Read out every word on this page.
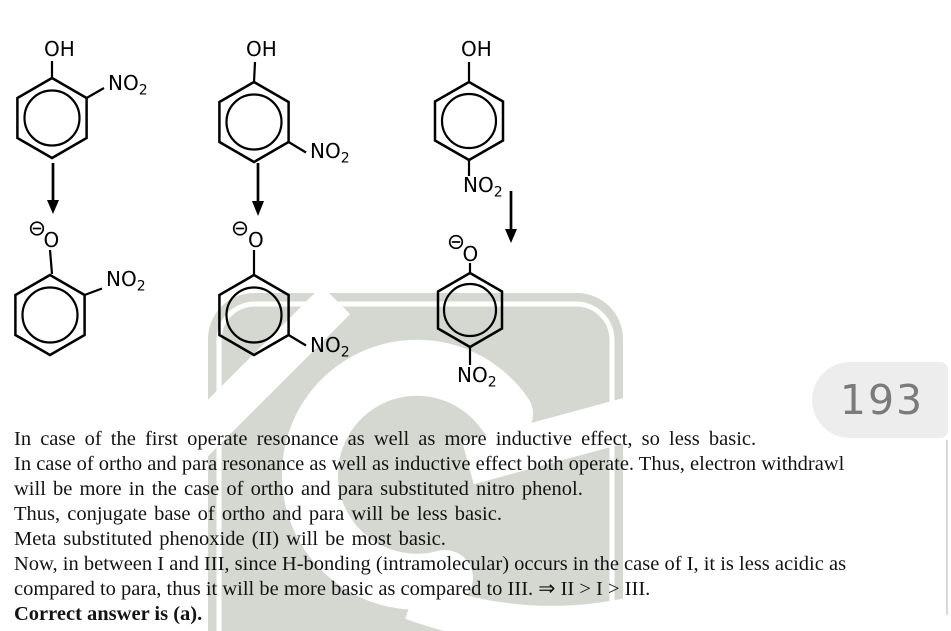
193
OH
$NO_2$
O
$NO_2$
OH
$NO_2$
O
$NO_2$
OH
$NO_2$
O
$NO_2$
In case of the first operate resonance as well as more inductive effect, so less basic.
In case of ortho and para resonance as well as inductive effect both operate. Thus, electron withdrawl
will be more in the case of ortho and para substituted nitro phenol.
Thus, conjugate base of ortho and para will be less basic.
Meta substituted phenoxide (II) will be most basic.
Now, in between I and III, since H-bonding (intramolecular) occurs in the case of I, it is less acidic as
compared to para, thus it will be more basic as compared to III. ⇒ II > I > III.
Correct answer is (a).
